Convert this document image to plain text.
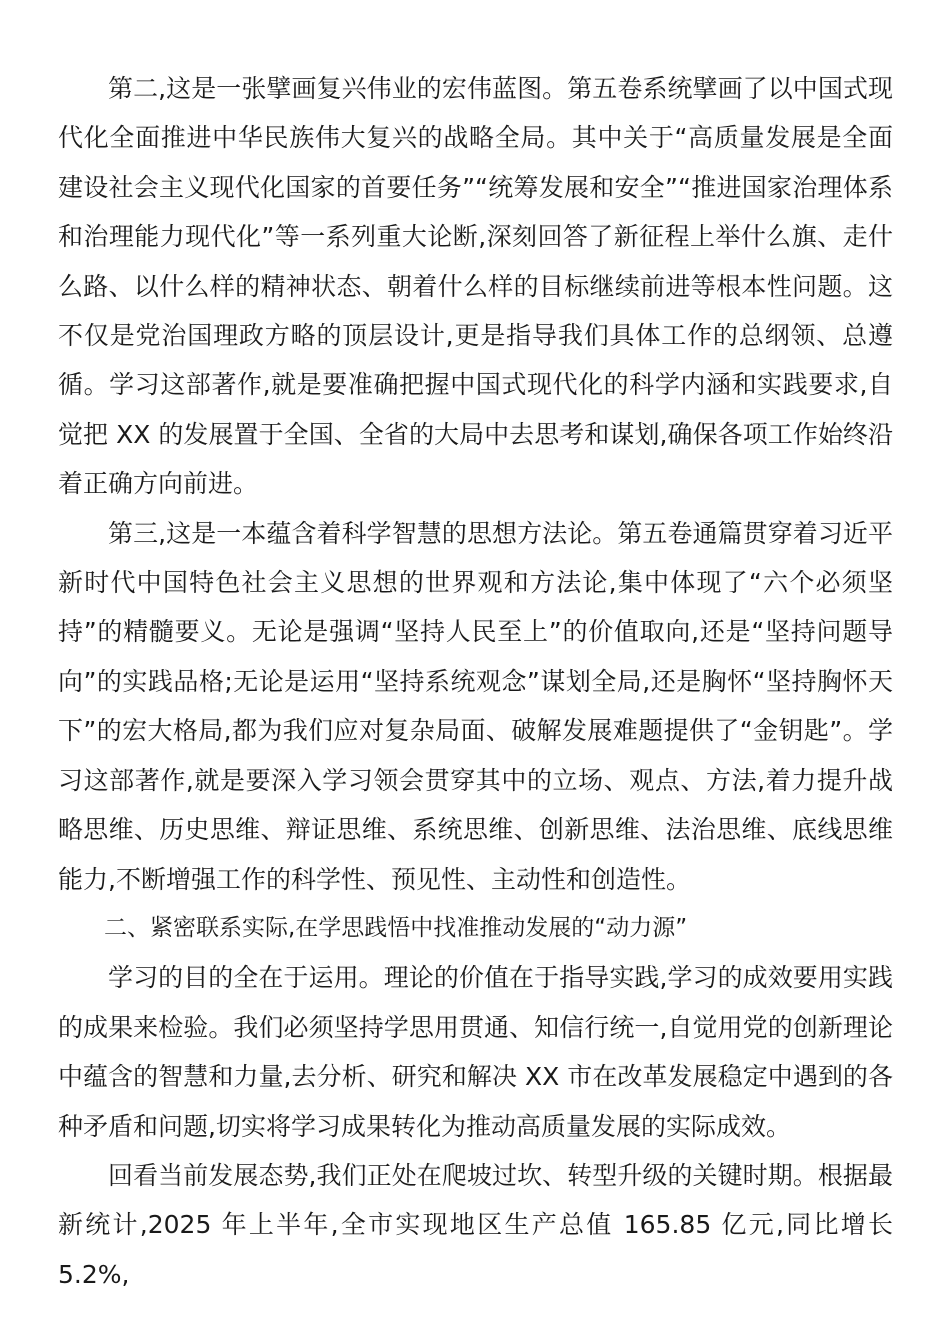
第二,这是一张擘画复兴伟业的宏伟蓝图。第五卷系统擘画了以中国式现代化全面推进中华民族伟大复兴的战略全局。其中关于“高质量发展是全面建设社会主义现代化国家的首要任务”“统筹发展和安全”“推进国家治理体系和治理能力现代化”等一系列重大论断,深刻回答了新征程上举什么旗、走什么路、以什么样的精神状态、朝着什么样的目标继续前进等根本性问题。这不仅是党治国理政方略的顶层设计,更是指导我们具体工作的总纲领、总遵循。学习这部著作,就是要准确把握中国式现代化的科学内涵和实践要求,自觉把 XX 的发展置于全国、全省的大局中去思考和谋划,确保各项工作始终沿着正确方向前进。

第三,这是一本蕴含着科学智慧的思想方法论。第五卷通篇贯穿着习近平新时代中国特色社会主义思想的世界观和方法论,集中体现了“六个必须坚持”的精髓要义。无论是强调“坚持人民至上”的价值取向,还是“坚持问题导向”的实践品格;无论是运用“坚持系统观念”谋划全局,还是胸怀“坚持胸怀天下”的宏大格局,都为我们应对复杂局面、破解发展难题提供了“金钥匙”。学习这部著作,就是要深入学习领会贯穿其中的立场、观点、方法,着力提升战略思维、历史思维、辩证思维、系统思维、创新思维、法治思维、底线思维能力,不断增强工作的科学性、预见性、主动性和创造性。

二、紧密联系实际,在学思践悟中找准推动发展的“动力源”

学习的目的全在于运用。理论的价值在于指导实践,学习的成效要用实践的成果来检验。我们必须坚持学思用贯通、知信行统一,自觉用党的创新理论中蕴含的智慧和力量,去分析、研究和解决 XX 市在改革发展稳定中遇到的各种矛盾和问题,切实将学习成果转化为推动高质量发展的实际成效。

回看当前发展态势,我们正处在爬坡过坎、转型升级的关键时期。根据最新统计,2025 年上半年,全市实现地区生产总值 165.85 亿元,同比增长 5.2%,
